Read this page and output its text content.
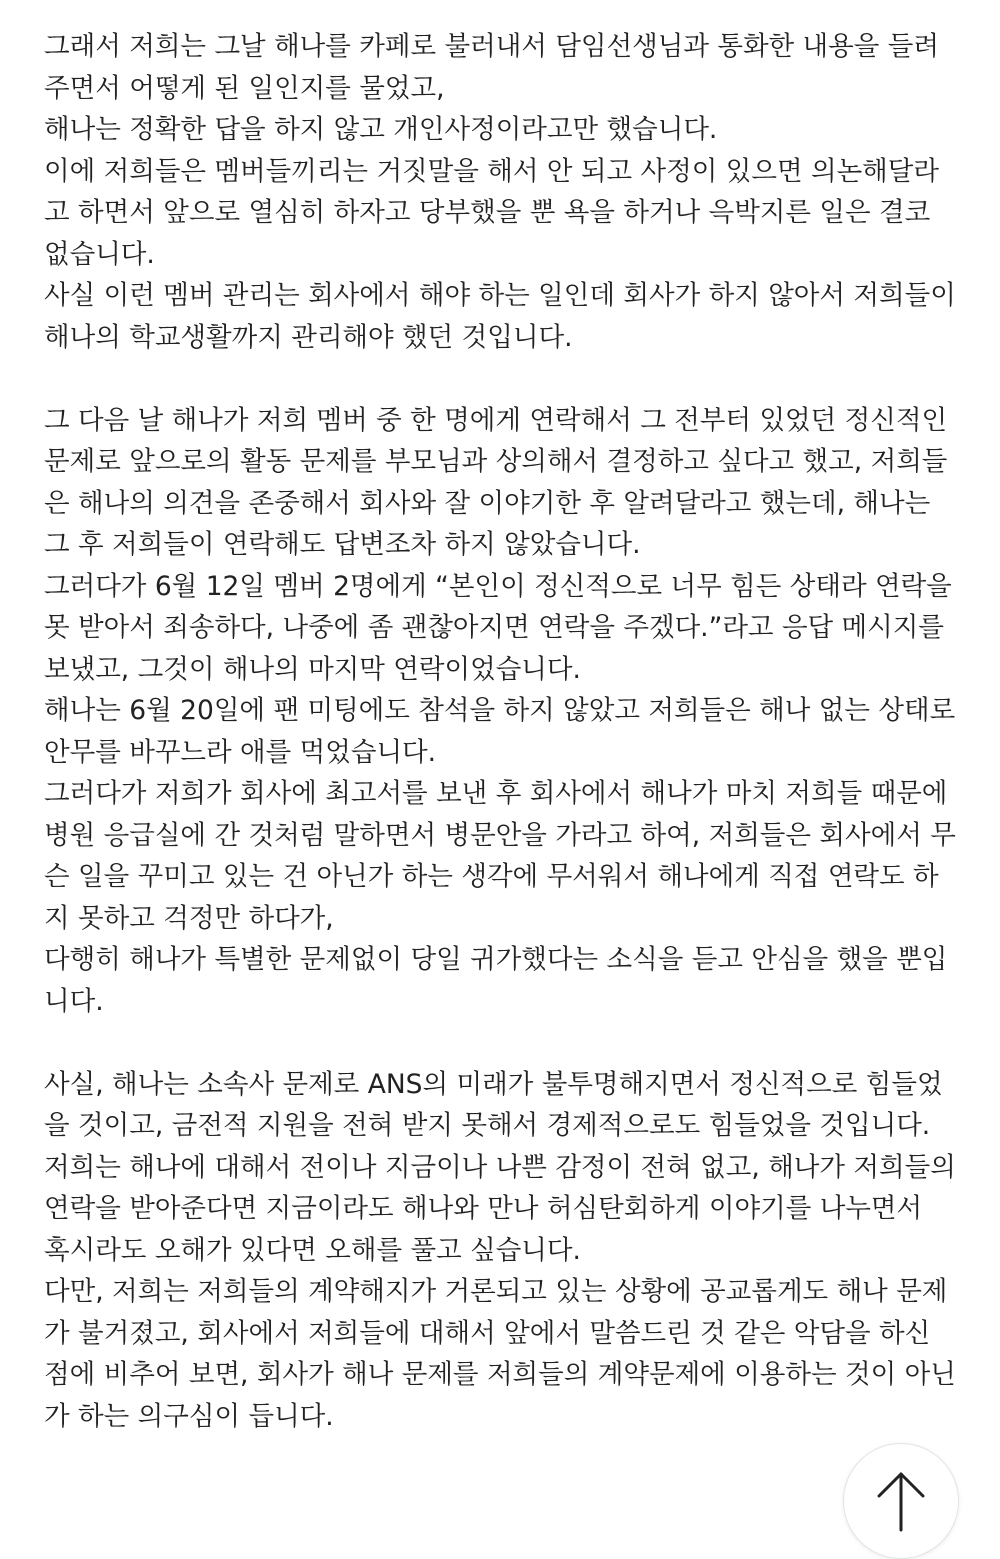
그래서 저희는 그날 해나를 카페로 불러내서 담임선생님과 통화한 내용을 들려
주면서 어떻게 된 일인지를 물었고,
해나는 정확한 답을 하지 않고 개인사정이라고만 했습니다.
이에 저희들은 멤버들끼리는 거짓말을 해서 안 되고 사정이 있으면 의논해달라
고 하면서 앞으로 열심히 하자고 당부했을 뿐 욕을 하거나 윽박지른 일은 결코
없습니다.
사실 이런 멤버 관리는 회사에서 해야 하는 일인데 회사가 하지 않아서 저희들이
해나의 학교생활까지 관리해야 했던 것입니다.

그 다음 날 해나가 저희 멤버 중 한 명에게 연락해서 그 전부터 있었던 정신적인
문제로 앞으로의 활동 문제를 부모님과 상의해서 결정하고 싶다고 했고, 저희들
은 해나의 의견을 존중해서 회사와 잘 이야기한 후 알려달라고 했는데, 해나는
그 후 저희들이 연락해도 답변조차 하지 않았습니다.
그러다가 6월 12일 멤버 2명에게 “본인이 정신적으로 너무 힘든 상태라 연락을
못 받아서 죄송하다, 나중에 좀 괜찮아지면 연락을 주겠다.”라고 응답 메시지를
보냈고, 그것이 해나의 마지막 연락이었습니다.
해나는 6월 20일에 팬 미팅에도 참석을 하지 않았고 저희들은 해나 없는 상태로
안무를 바꾸느라 애를 먹었습니다.
그러다가 저희가 회사에 최고서를 보낸 후 회사에서 해나가 마치 저희들 때문에
병원 응급실에 간 것처럼 말하면서 병문안을 가라고 하여, 저희들은 회사에서 무
슨 일을 꾸미고 있는 건 아닌가 하는 생각에 무서워서 해나에게 직접 연락도 하
지 못하고 걱정만 하다가,
다행히 해나가 특별한 문제없이 당일 귀가했다는 소식을 듣고 안심을 했을 뿐입
니다.

사실, 해나는 소속사 문제로 ANS의 미래가 불투명해지면서 정신적으로 힘들었
을 것이고, 금전적 지원을 전혀 받지 못해서 경제적으로도 힘들었을 것입니다.
저희는 해나에 대해서 전이나 지금이나 나쁜 감정이 전혀 없고, 해나가 저희들의
연락을 받아준다면 지금이라도 해나와 만나 허심탄회하게 이야기를 나누면서
혹시라도 오해가 있다면 오해를 풀고 싶습니다.
다만, 저희는 저희들의 계약해지가 거론되고 있는 상황에 공교롭게도 해나 문제
가 불거졌고, 회사에서 저희들에 대해서 앞에서 말씀드린 것 같은 악담을 하신
점에 비추어 보면, 회사가 해나 문제를 저희들의 계약문제에 이용하는 것이 아닌
가 하는 의구심이 듭니다.
